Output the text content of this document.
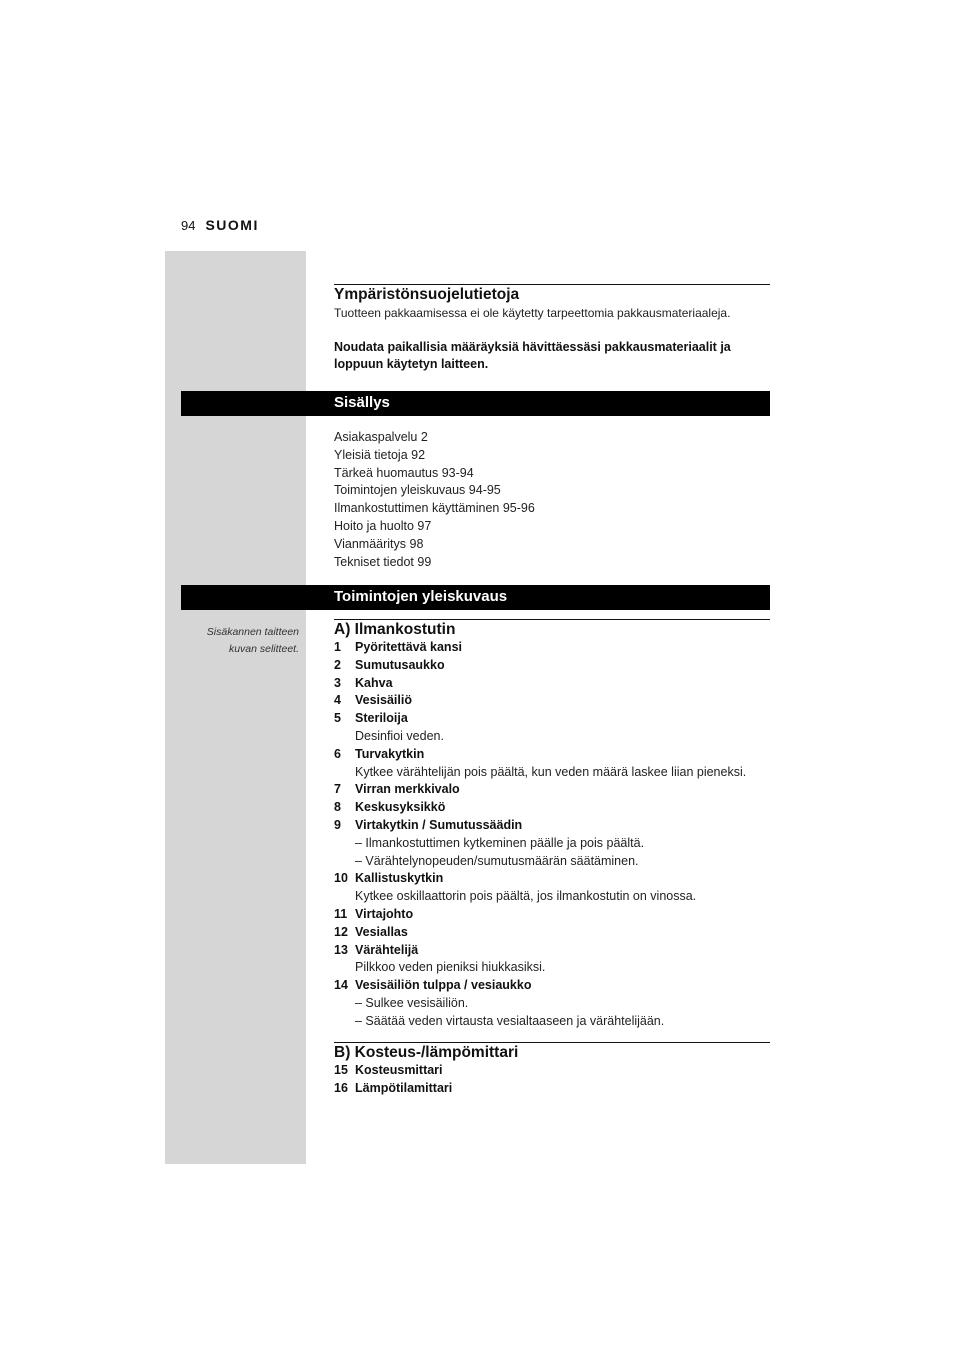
94 SUOMI
Ympäristönsuojelutietoja
Tuotteen pakkaamisessa ei ole käytetty tarpeettomia pakkausmateriaaleja.
Noudata paikallisia määräyksiä hävittäessäsi pakkausmateriaalit ja loppuun käytetyn laitteen.
Sisällys
Asiakaspalvelu 2
Yleisiä tietoja 92
Tärkeä huomautus 93-94
Toimintojen yleiskuvaus 94-95
Ilmankostuttimen käyttäminen 95-96
Hoito ja huolto 97
Vianmääritys 98
Tekniset tiedot 99
Toimintojen yleiskuvaus
Sisäkannen taitteen
kuvan selitteet.
A) Ilmankostutin
1 Pyöritettävä kansi
2 Sumutusaukko
3 Kahva
4 Vesisäiliö
5 Steriloija
Desinfioi veden.
6 Turvakytkin
Kytkee värähtelijän pois päältä, kun veden määrä laskee liian pieneksi.
7 Virran merkkivalo
8 Keskusyksikkö
9 Virtakytkin / Sumutussäädin
– Ilmankostuttimen kytkeminen päälle ja pois päältä.
– Värähtelynopeuden/sumutusmäärän säätäminen.
10 Kallistuskytkin
Kytkee oskillaattorin pois päältä, jos ilmankostutin on vinossa.
11 Virtajohto
12 Vesiallas
13 Värähtelijä
Pilkkoo veden pieniksi hiukkasiksi.
14 Vesisäiliön tulppa / vesiaukko
– Sulkee vesisäiliön.
– Säätää veden virtausta vesialtaaseen ja värähtelijään.
B) Kosteus-/lämpömittari
15 Kosteusmittari
16 Lämpötilamittari
